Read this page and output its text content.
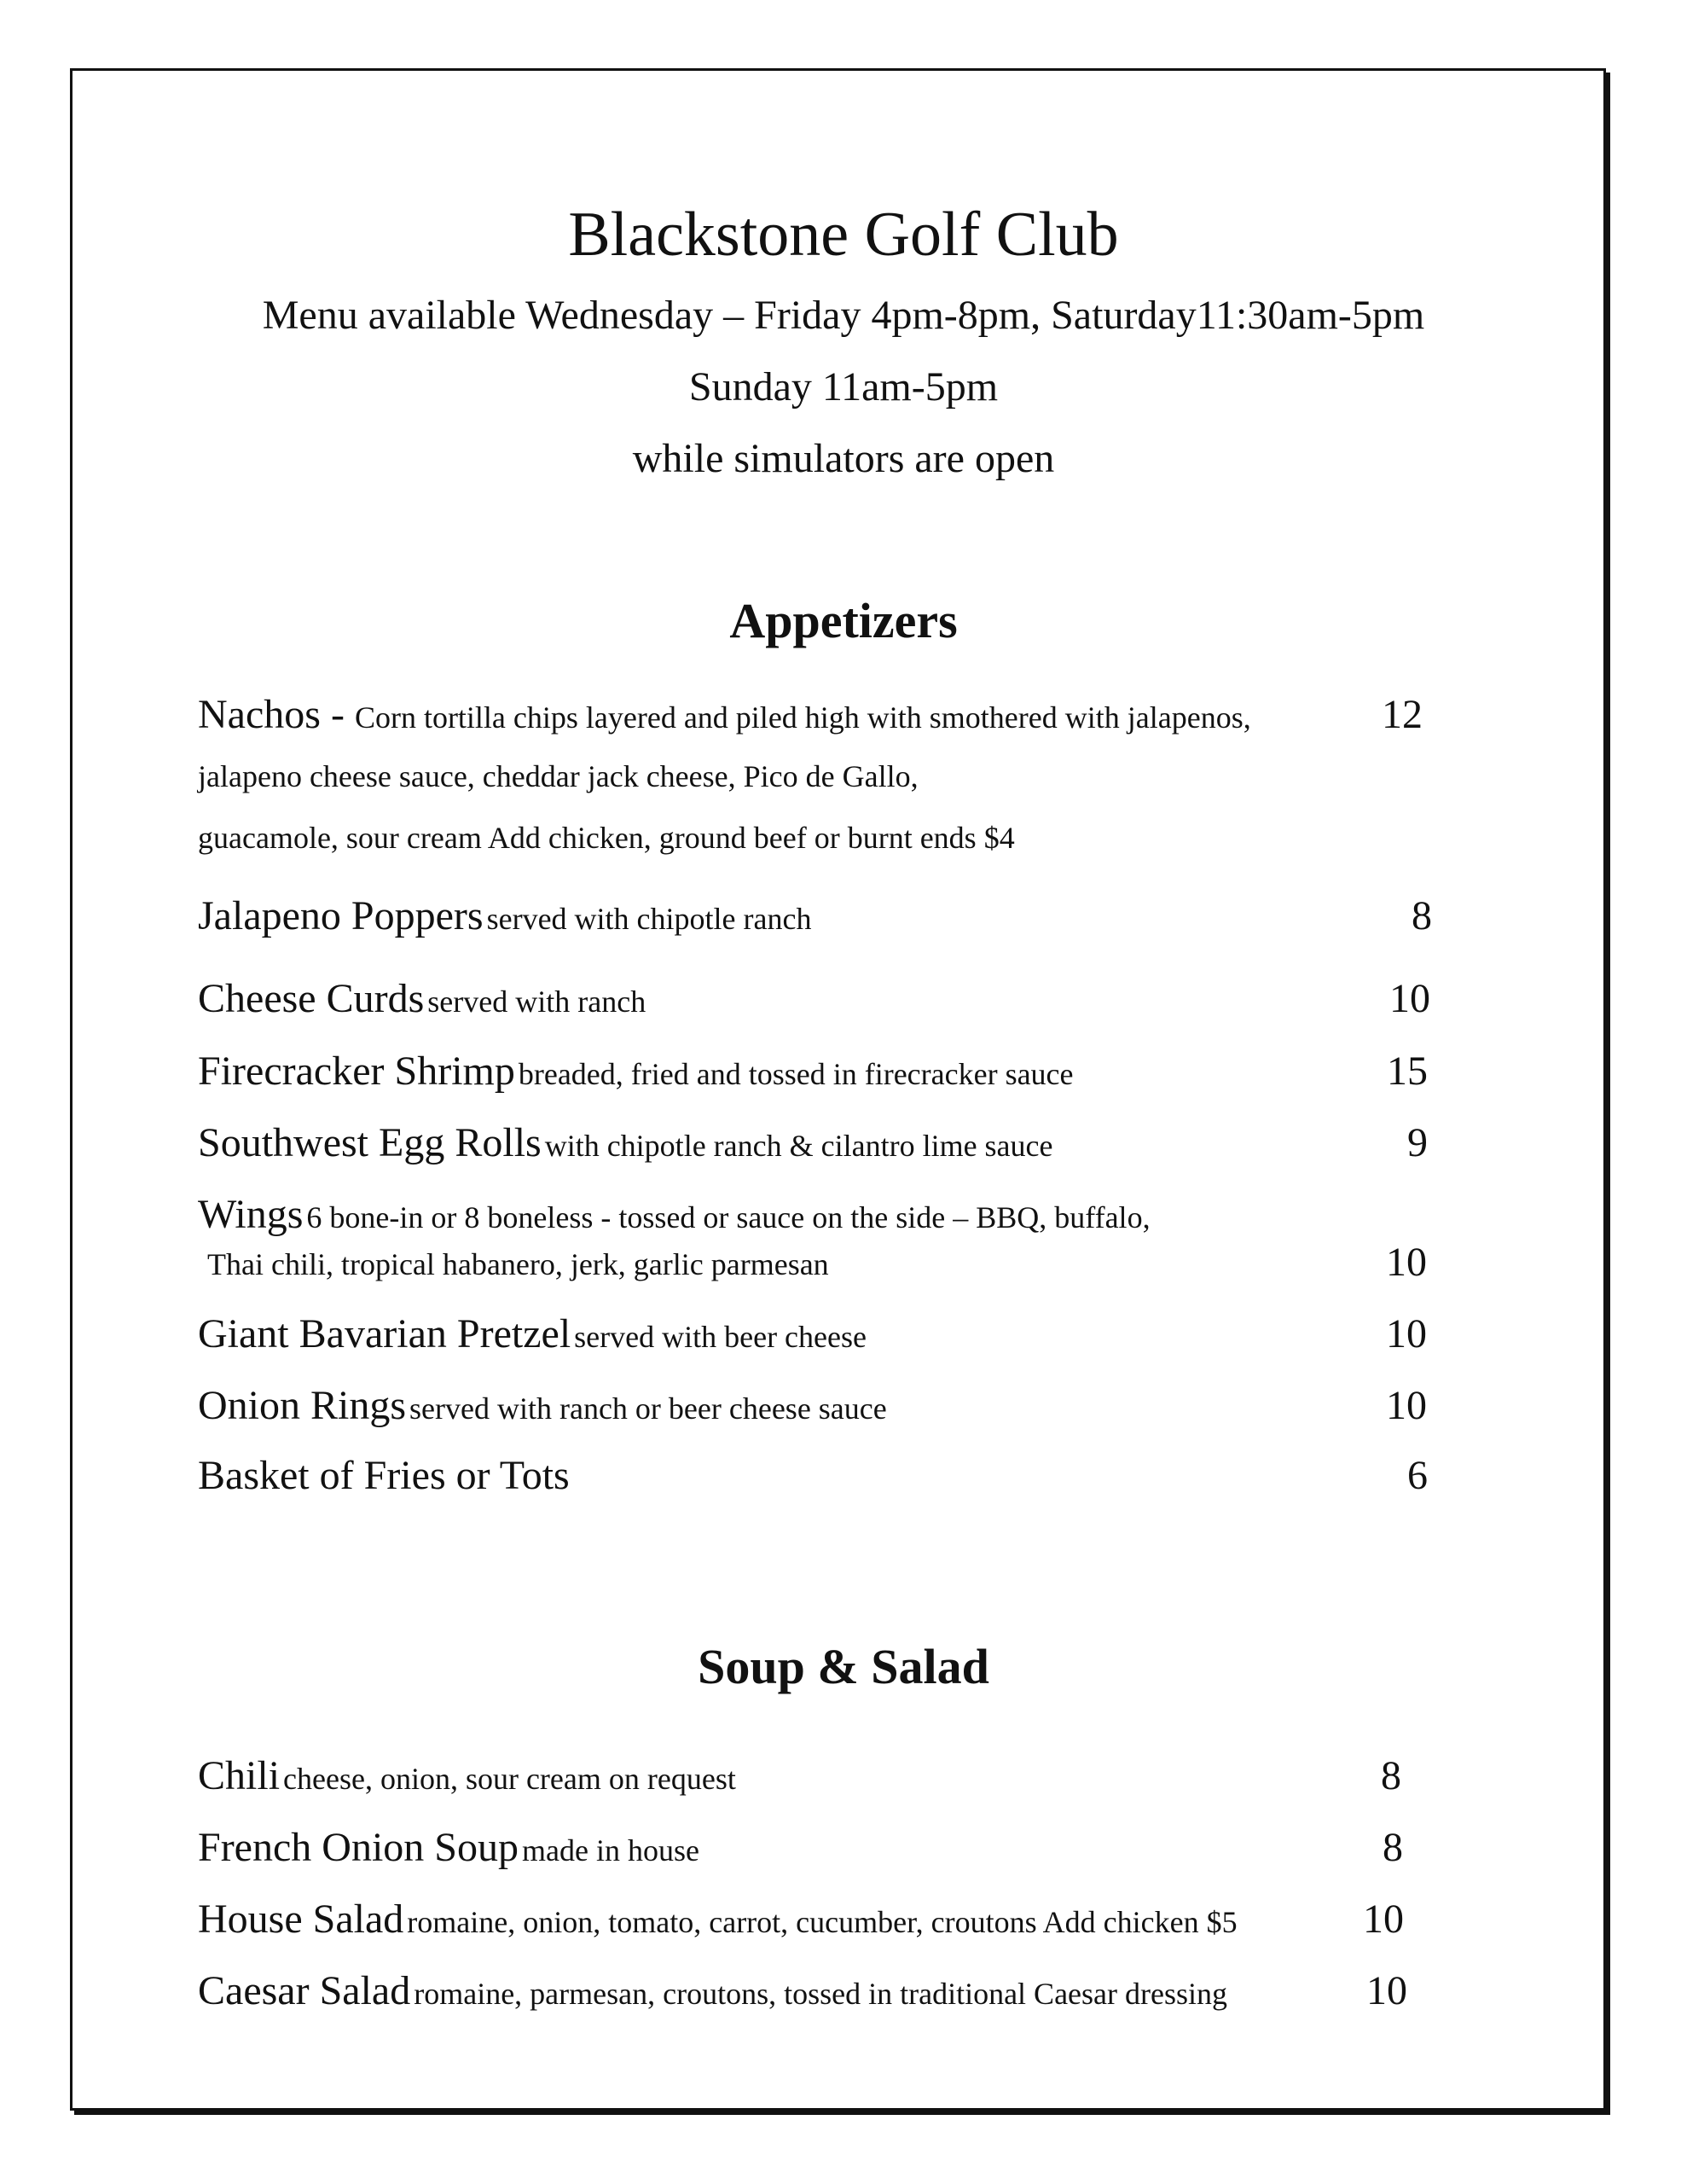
Blackstone Golf Club
Menu available Wednesday – Friday 4pm-8pm, Saturday11:30am-5pm
Sunday 11am-5pm
while simulators are open
Appetizers
Nachos - Corn tortilla chips layered and piled high with smothered with jalapenos,	12
jalapeno cheese sauce, cheddar jack cheese, Pico de Gallo,
guacamole, sour cream Add chicken, ground beef or burnt ends $4
Jalapeno Poppers served with chipotle ranch	8
Cheese Curds served with ranch	10
Firecracker Shrimp breaded, fried and tossed in firecracker sauce	15
Southwest Egg Rolls with chipotle ranch & cilantro lime sauce	9
Wings 6 bone-in or 8 boneless - tossed or sauce on the side – BBQ, buffalo,
Thai chili, tropical habanero, jerk, garlic parmesan	10
Giant Bavarian Pretzel served with beer cheese	10
Onion Rings served with ranch or beer cheese sauce	10
Basket of Fries or Tots	6
Soup & Salad
Chili cheese, onion, sour cream on request	8
French Onion Soup made in house	8
House Salad romaine, onion, tomato, carrot, cucumber, croutons Add chicken $5	10
Caesar Salad romaine, parmesan, croutons, tossed in traditional Caesar dressing	10
